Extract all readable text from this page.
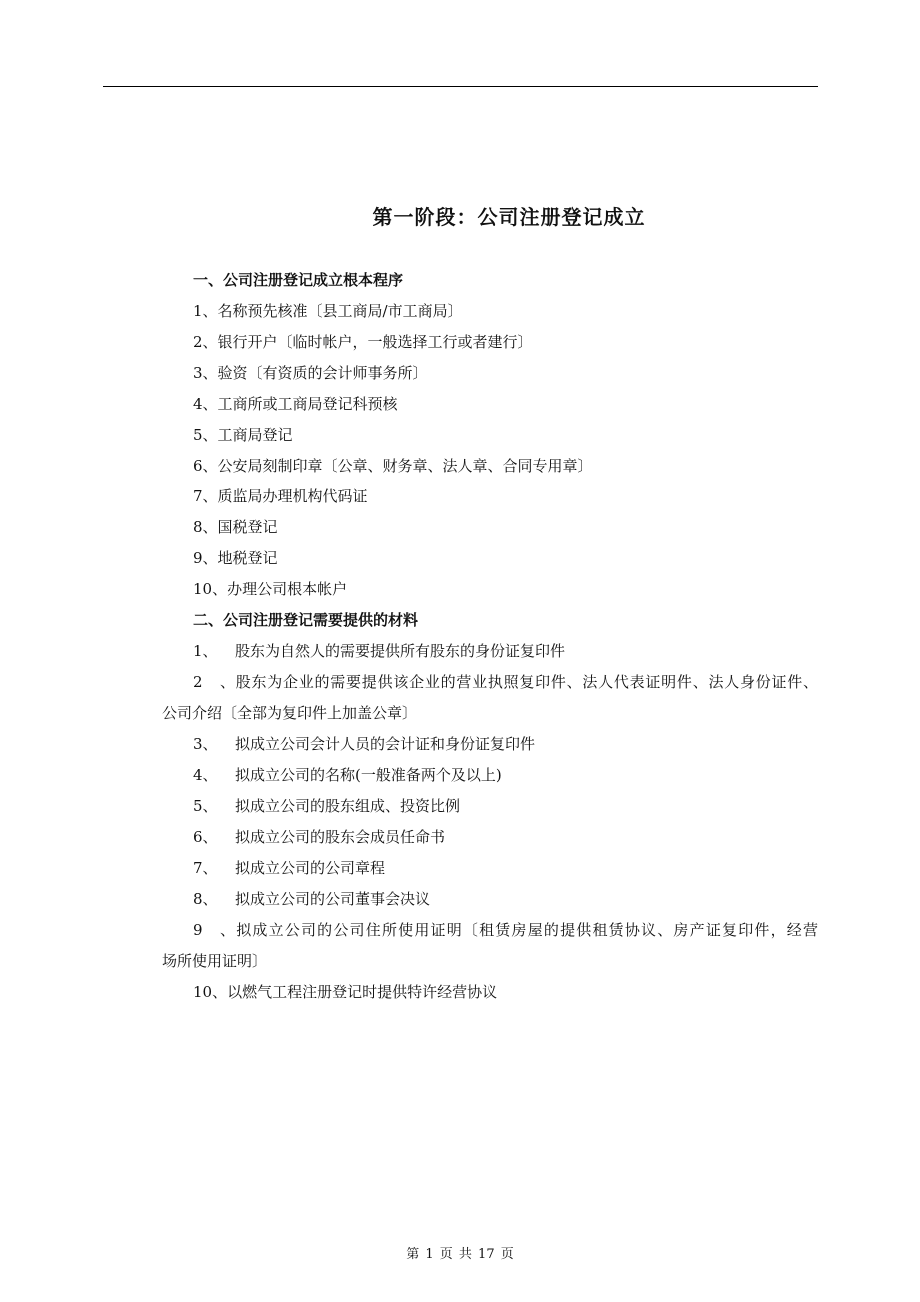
第一阶段：公司注册登记成立
一、公司注册登记成立根本程序
1、名称预先核准〔县工商局/市工商局〕
2、银行开户〔临时帐户，一般选择工行或者建行〕
3、验资〔有资质的会计师事务所〕
4、工商所或工商局登记科预核
5、工商局登记
6、公安局刻制印章〔公章、财务章、法人章、合同专用章〕
7、质监局办理机构代码证
8、国税登记
9、地税登记
10、办理公司根本帐户
二、公司注册登记需要提供的材料
1、 股东为自然人的需要提供所有股东的身份证复印件
2、股东为企业的需要提供该企业的营业执照复印件、法人代表证明件、法人身份证件、
公司介绍〔全部为复印件上加盖公章〕
3、 拟成立公司会计人员的会计证和身份证复印件
4、 拟成立公司的名称(一般准备两个及以上)
5、 拟成立公司的股东组成、投资比例
6、 拟成立公司的股东会成员任命书
7、 拟成立公司的公司章程
8、 拟成立公司的公司董事会决议
9、拟成立公司的公司住所使用证明〔租赁房屋的提供租赁协议、房产证复印件，经营
场所使用证明〕
10、以燃气工程注册登记时提供特许经营协议
第 1 页 共 17 页
